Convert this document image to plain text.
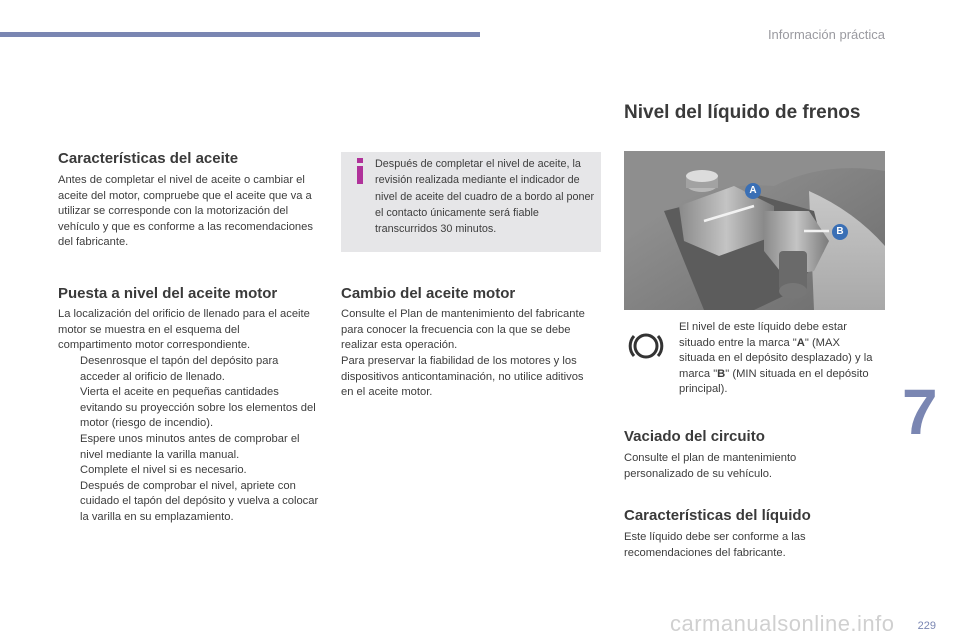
Información práctica
Características del aceite

Antes de completar el nivel de aceite o cambiar el aceite del motor, compruebe que el aceite que va a utilizar se corresponde con la motorización del vehículo y que es conforme a las recomendaciones del fabricante.

Puesta a nivel del aceite motor

La localización del orificio de llenado para el aceite motor se muestra en el esquema del compartimento motor correspondiente.

Desenrosque el tapón del depósito para acceder al orificio de llenado.
Vierta el aceite en pequeñas cantidades evitando su proyección sobre los elementos del motor (riesgo de incendio).
Espere unos minutos antes de comprobar el nivel mediante la varilla manual.
Complete el nivel si es necesario.
Después de comprobar el nivel, apriete con cuidado el tapón del depósito y vuelva a colocar la varilla en su emplazamiento.
Después de completar el nivel de aceite, la revisión realizada mediante el indicador de nivel de aceite del cuadro de a bordo al poner el contacto únicamente será fiable transcurridos 30 minutos.
Cambio del aceite motor

Consulte el Plan de mantenimiento del fabricante para conocer la frecuencia con la que se debe realizar esta operación.

Para preservar la fiabilidad de los motores y los dispositivos anticontaminación, no utilice aditivos en el aceite motor.

Nivel del líquido de frenos
A
B

El nivel de este líquido debe estar situado entre la marca "A" (MAX situada en el depósito desplazado) y la marca "B" (MIN situada en el depósito principal).

Vaciado del circuito

Consulte el plan de mantenimiento personalizado de su vehículo.

Características del líquido

Este líquido debe ser conforme a las recomendaciones del fabricante.

7
229
carmanualsonline.info
